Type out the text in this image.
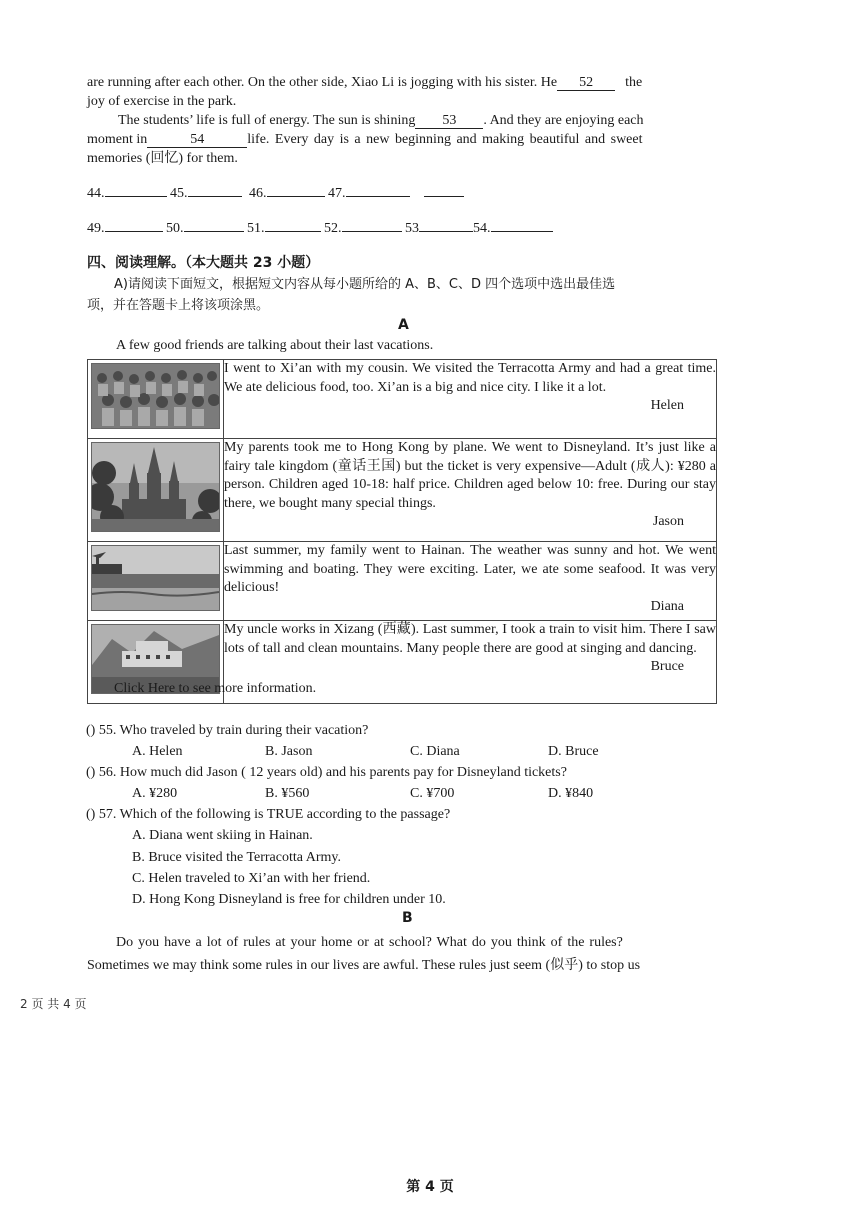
are running after each other. On the other side, Xiao Li is jogging with his sister. He 52 the
joy of exercise in the park.
The students’ life is full of energy. The sun is shining 53 . And they are enjoying each
moment in	54	life. Every day is a new beginning and making beautiful and sweet
memories (回忆) for them.
44.	45.	46.	47.
49.	50.	51.	52.	53	54.
四、阅读理解。（本大题共 23 小题）
A)请阅读下面短文，根据短文内容从每小题所给的 A、B、C、D 四个选项中选出最佳选
项，并在答题卡上将该项涂黑。
A
A few good friends are talking about their last vacations.

I went to Xi’an with my cousin. We visited the Terracotta Army and had a great time. We ate delicious food, too. Xi’an is a big and nice city. I like it a lot.
Helen

My parents took me to Hong Kong by plane. We went to Disneyland. It’s just like a fairy tale kingdom (童话王国) but the ticket is very expensive—Adult (成人): ¥280 a person. Children aged 10-18: half price. Children aged below 10: free. During our stay there, we bought many special things.
Jason

Last summer, my family went to Hainan. The weather was sunny and hot. We went swimming and boating. They were exciting. Later, we ate some seafood. It was very delicious!
Diana

My uncle works in Xizang (西藏). Last summer, I took a train to visit him. There I saw lots of tall and clean mountains. Many people there are good at singing and dancing.
Bruce
Click Here to see more information.
() 55. Who traveled by train during their vacation?
A. Helen	B. Jason	C. Diana	D. Bruce
() 56. How much did Jason ( 12 years old) and his parents pay for Disneyland tickets?
A. ¥280	B. ¥560	C. ¥700	D. ¥840
() 57. Which of the following is TRUE according to the passage?
A. Diana went skiing in Hainan.
B. Bruce visited the Terracotta Army.
C. Helen traveled to Xi’an with her friend.
D. Hong Kong Disneyland is free for children under 10.
B
Do you have a lot of rules at your home or at school? What do you think of the rules?
Sometimes we may think some rules in our lives are awful. These rules just seem (似乎) to stop us
2 页 共 4 页
第 4 页
